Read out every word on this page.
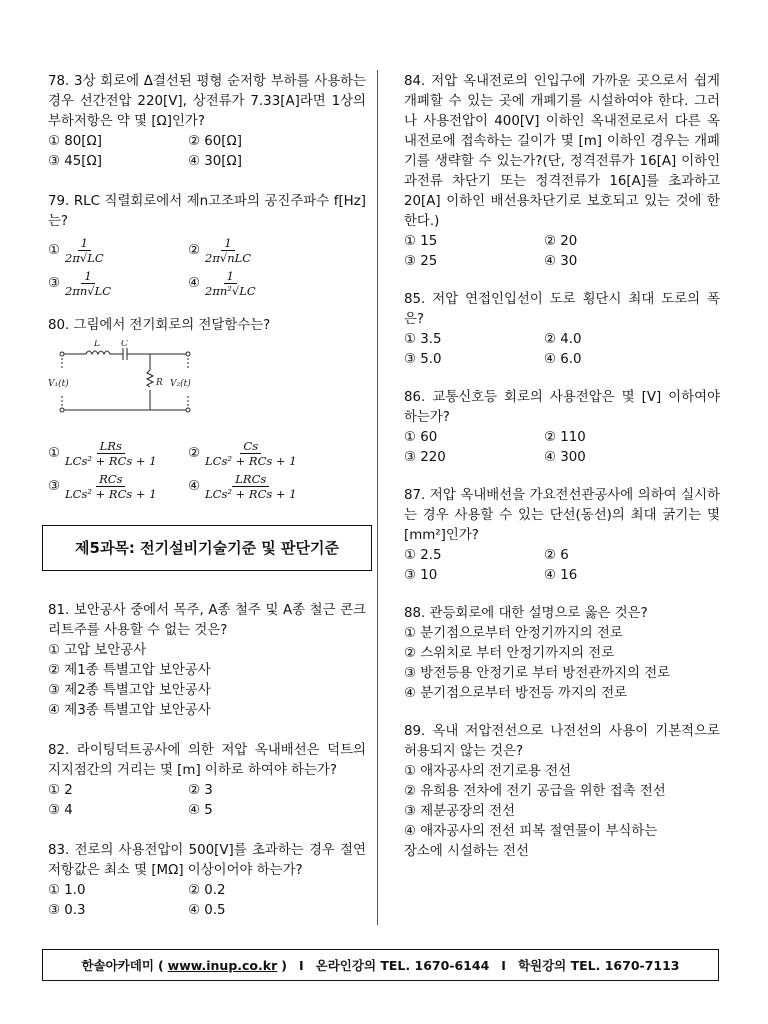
78. 3상 회로에 Δ결선된 평형 순저항 부하를 사용하는 경우 선간전압 220[V], 상전류가 7.33[A]라면 1상의 부하저항은 약 몇 [Ω]인가?
① 80[Ω]	② 60[Ω]
③ 45[Ω]	④ 30[Ω]
79. RLC 직렬회로에서 제n고조파의 공진주파수 f[Hz]는?
① $\frac{1}{2\pi√LC}$	② $\frac{1}{\text{2π√nLC}}$
③ $\frac{1}{2\pi n√LC}$	④ $\frac{1}{\text{2πn²√LC}}$
80. 그림에서 전기회로의 전달함수는?
L C
R
V₁(t)	V₂(t)
① $\frac{\text{LRs}}{\text{LCs² + RCs + 1}}$ ② $\frac{Cs}{\text{LCs² + RCs + 1}}$
③ $\frac{\text{RCs}}{\text{LCs² + RCs + 1}}$ ④ $\frac{\text{LRCs}}{\text{LCs² + RCs + 1}}$
제5과목: 전기설비기술기준 및 판단기준
81. 보안공사 중에서 목주, A종 철주 및 A종 철근 콘크리트주를 사용할 수 없는 것은?
① 고압 보안공사
② 제1종 특별고압 보안공사
③ 제2종 특별고압 보안공사
④ 제3종 특별고압 보안공사
82. 라이팅덕트공사에 의한 저압 옥내배선은 덕트의 지지점간의 거리는 몇 [m] 이하로 하여야 하는가?
① 2	② 3
③ 4	④ 5
83. 전로의 사용전압이 500[V]를 초과하는 경우 절연저항값은 최소 몇 [MΩ] 이상이어야 하는가?
① 1.0	② 0.2
③ 0.3	④ 0.5
84. 저압 옥내전로의 인입구에 가까운 곳으로서 쉽게 개폐할 수 있는 곳에 개폐기를 시설하여야 한다. 그러나 사용전압이 400[V] 이하인 옥내전로로서 다른 옥내전로에 접속하는 길이가 몇 [m] 이하인 경우는 개폐기를 생략할 수 있는가?(단, 정격전류가 16[A] 이하인 과전류 차단기 또는 정격전류가 16[A]를 초과하고 20[A] 이하인 배선용차단기로 보호되고 있는 것에 한한다.)
① 15	② 20
③ 25	④ 30
85. 저압 연접인입선이 도로 횡단시 최대 도로의 폭은?
① 3.5	② 4.0
③ 5.0	④ 6.0
86. 교통신호등 회로의 사용전압은 몇 [V] 이하여야 하는가?
① 60	② 110
③ 220	④ 300
87. 저압 옥내배선을 가요전선관공사에 의하여 실시하는 경우 사용할 수 있는 단선(동선)의 최대 굵기는 몇 [mm²]인가?
① 2.5	② 6
③ 10	④ 16
88. 관등회로에 대한 설명으로 옳은 것은?
① 분기점으로부터 안정기까지의 전로
② 스위치로 부터 안정기까지의 전로
③ 방전등용 안정기로 부터 방전관까지의 전로
④ 분기점으로부터 방전등 까지의 전로
89. 옥내 저압전선으로 나전선의 사용이 기본적으로 허용되지 않는 것은?
① 애자공사의 전기로용 전선
② 유희용 전차에 전기 공급을 위한 접촉 전선
③ 제분공장의 전선
④ 애자공사의 전선 피복 절연물이 부식하는 장소에 시설하는 전선
한솔아카데미 ( www.inup.co.kr ) I 온라인강의 TEL. 1670-6144 I 학원강의 TEL. 1670-7113
